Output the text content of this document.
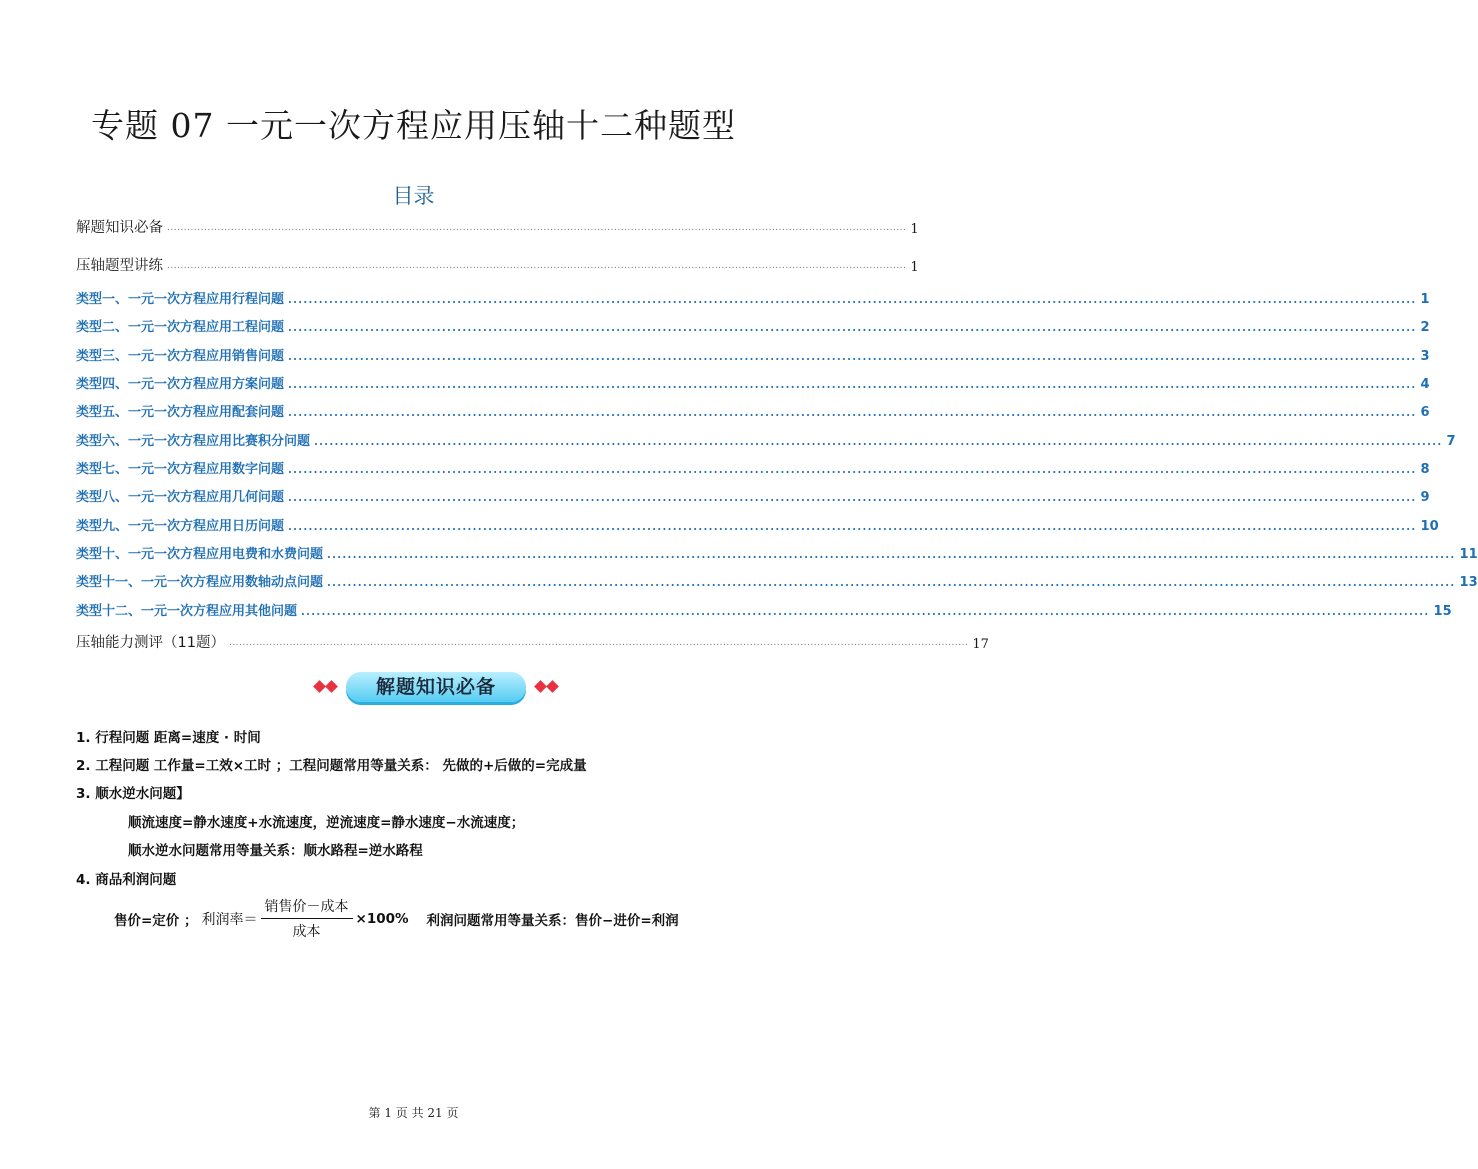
专题 07 一元一次方程应用压轴十二种题型
目录
解题知识必备 ............................................................................................................................................................................................................................ 1
压轴题型讲练 ............................................................................................................................................................................................................................ 1
类型一、一元一次方程应用行程问题 ............................................................................................................................................................................................................................ 1
类型二、一元一次方程应用工程问题 ............................................................................................................................................................................................................................ 2
类型三、一元一次方程应用销售问题 ............................................................................................................................................................................................................................ 3
类型四、一元一次方程应用方案问题 ............................................................................................................................................................................................................................ 4
类型五、一元一次方程应用配套问题 ............................................................................................................................................................................................................................ 6
类型六、一元一次方程应用比赛积分问题 ............................................................................................................................................................................................................................ 7
类型七、一元一次方程应用数字问题 ............................................................................................................................................................................................................................ 8
类型八、一元一次方程应用几何问题 ............................................................................................................................................................................................................................ 9
类型九、一元一次方程应用日历问题 ............................................................................................................................................................................................................................ 10
类型十、一元一次方程应用电费和水费问题 ............................................................................................................................................................................................................................ 11
类型十一、一元一次方程应用数轴动点问题 ............................................................................................................................................................................................................................ 13
类型十二、一元一次方程应用其他问题 ............................................................................................................................................................................................................................ 15
压轴能力测评（11题） ............................................................................................................................................................................................................................ 17
解题知识必备
1. 行程问题 距离=速度 · 时间
2. 工程问题 工作量=工效×工时 ；工程问题常用等量关系： 先做的+后做的=完成量
3. 顺水逆水问题】
顺流速度=静水速度+水流速度，逆流速度=静水速度−水流速度；
顺水逆水问题常用等量关系：顺水路程=逆水路程
4. 商品利润问题
售价=定价 ； 利润率＝ $\frac{\text{销售价－成本}}{\text{成本}} \times 100\%$ 利润问题常用等量关系：售价−进价=利润
第 1 页 共 21 页
